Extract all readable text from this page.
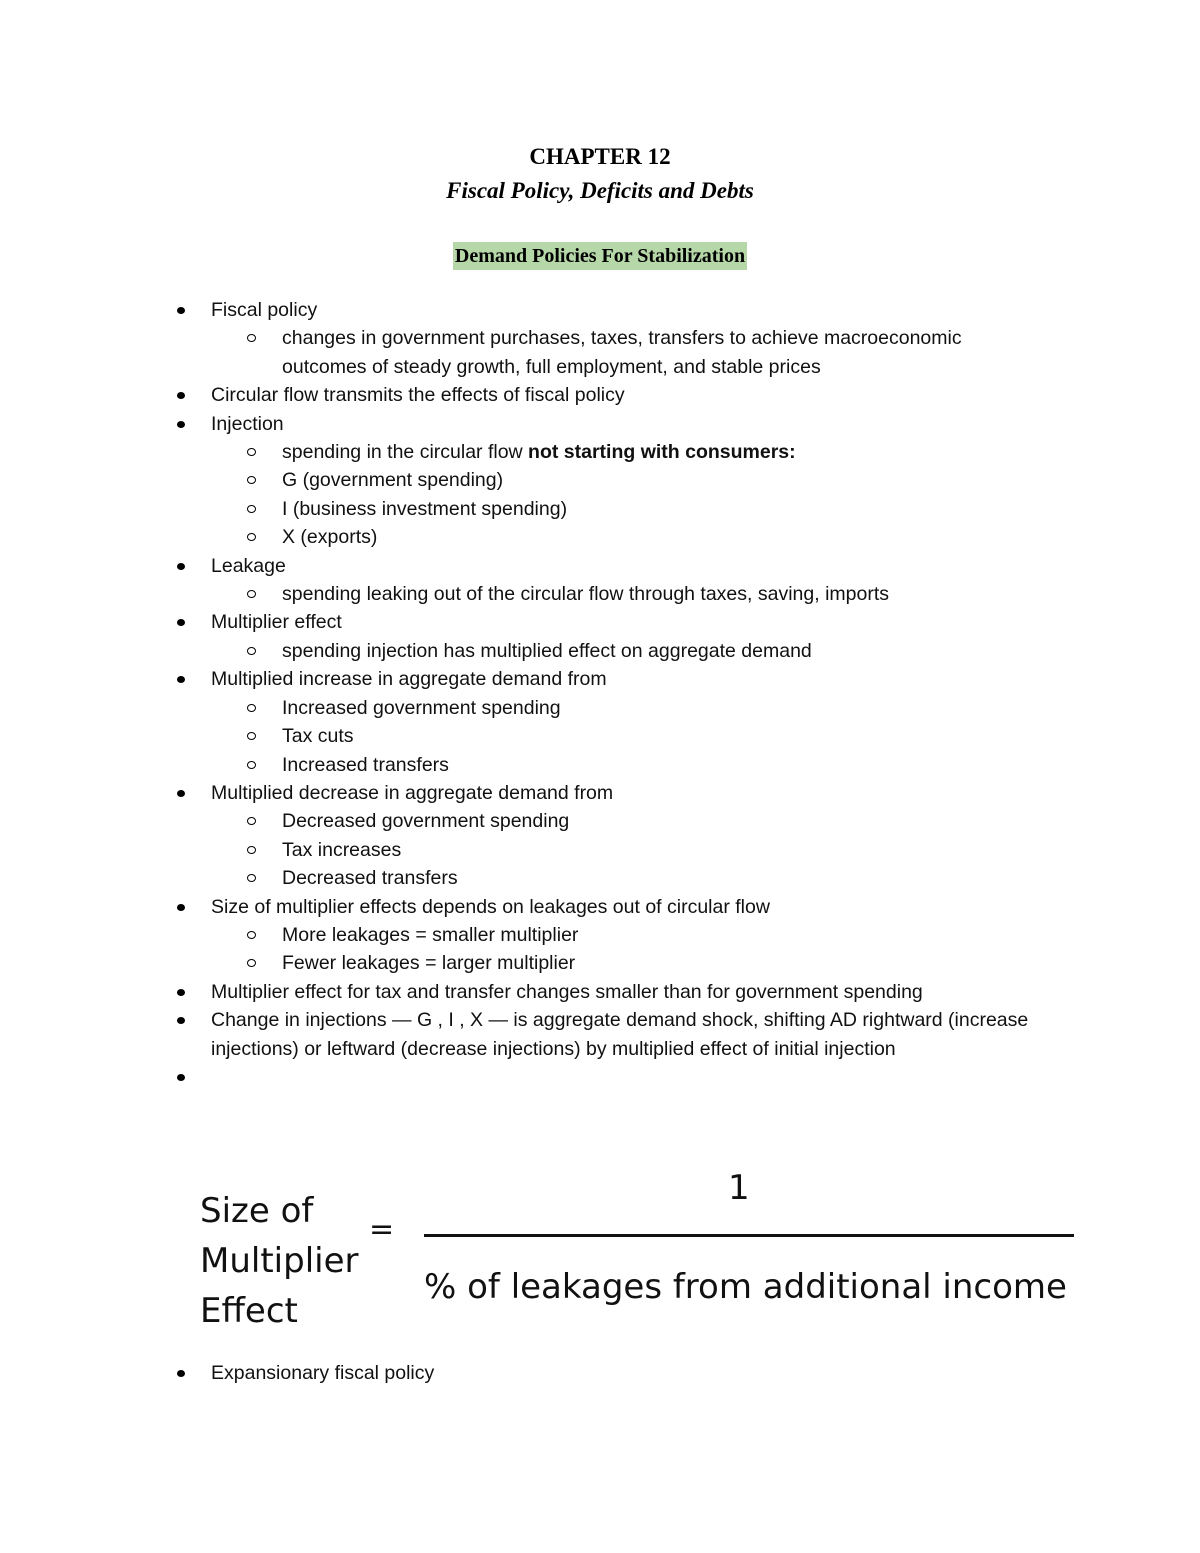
CHAPTER 12
Fiscal Policy, Deficits and Debts
Demand Policies For Stabilization
Fiscal policy
changes in government purchases, taxes, transfers to achieve macroeconomic outcomes of steady growth, full employment, and stable prices
Circular flow transmits the effects of fiscal policy
Injection
spending in the circular flow not starting with consumers:
G (government spending)
I (business investment spending)
X (exports)
Leakage
spending leaking out of the circular flow through taxes, saving, imports
Multiplier effect
spending injection has multiplied effect on aggregate demand
Multiplied increase in aggregate demand from
Increased government spending
Tax cuts
Increased transfers
Multiplied decrease in aggregate demand from
Decreased government spending
Tax increases
Decreased transfers
Size of multiplier effects depends on leakages out of circular flow
More leakages = smaller multiplier
Fewer leakages = larger multiplier
Multiplier effect for tax and transfer changes smaller than for government spending
Change in injections — G , I , X — is aggregate demand shock, shifting AD rightward (increase injections) or leftward (decrease injections) by multiplied effect of initial injection
Size of
Multiplier
Effect
=
1
% of leakages from additional income
Expansionary fiscal policy
